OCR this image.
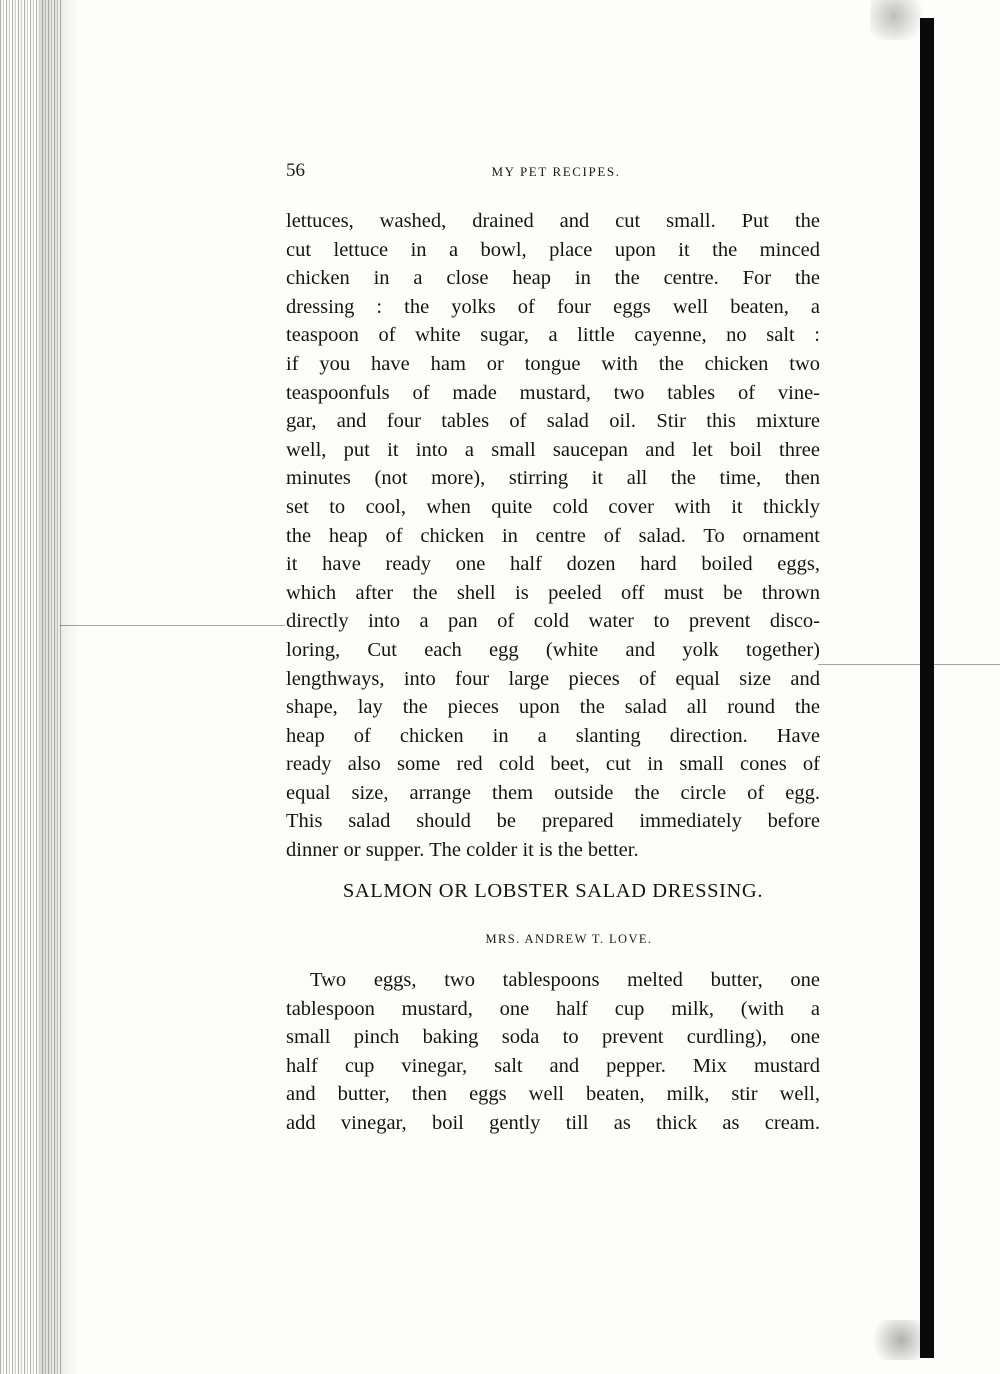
56	MY PET RECIPES.
lettuces, washed, drained and cut small. Put the
cut lettuce in a bowl, place upon it the minced
chicken in a close heap in the centre. For the
dressing : the yolks of four eggs well beaten, a
teaspoon of white sugar, a little cayenne, no salt :
if you have ham or tongue with the chicken two
teaspoonfuls of made mustard, two tables of vine-
gar, and four tables of salad oil. Stir this mixture
well, put it into a small saucepan and let boil three
minutes (not more), stirring it all the time, then
set to cool, when quite cold cover with it thickly
the heap of chicken in centre of salad. To ornament
it have ready one half dozen hard boiled eggs,
which after the shell is peeled off must be thrown
directly into a pan of cold water to prevent disco-
loring, Cut each egg (white and yolk together)
lengthways, into four large pieces of equal size and
shape, lay the pieces upon the salad all round the
heap of chicken in a slanting direction. Have
ready also some red cold beet, cut in small cones of
equal size, arrange them outside the circle of egg.
This salad should be prepared immediately before
dinner or supper. The colder it is the better.
SALMON OR LOBSTER SALAD DRESSING.
MRS. ANDREW T. LOVE.
Two eggs, two tablespoons melted butter, one
tablespoon mustard, one half cup milk, (with a
small pinch baking soda to prevent curdling), one
half cup vinegar, salt and pepper. Mix mustard
and butter, then eggs well beaten, milk, stir well,
add vinegar, boil gently till as thick as cream.
